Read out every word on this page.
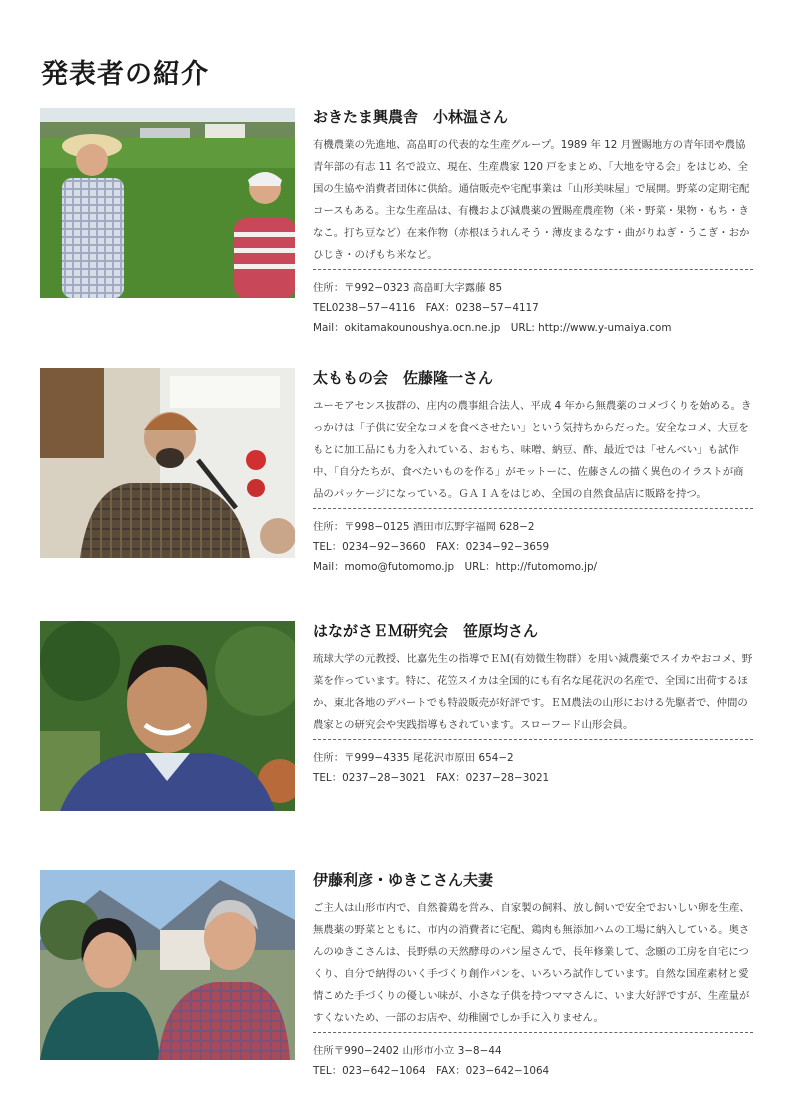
発表者の紹介
おきたま興農舎　小林温さん

有機農業の先進地、高畠町の代表的な生産グループ。1989 年 12 月置賜地方の青年団や農協青年部の有志 11 名で設立、現在、生産農家 120 戸をまとめ、「大地を守る会」をはじめ、全国の生協や消費者団体に供給。通信販売や宅配事業は「山形美味屋」で展開。野菜の定期宅配コースもある。主な生産品は、有機および減農薬の置賜産農産物（米・野菜・果物・もち・きなこ。打ち豆など）在来作物（赤根ほうれんそう・薄皮まるなす・曲がりねぎ・うこぎ・おかひじき・のげもち米など。

住所：〒992−0323 高畠町大字露藤 85
TEL0238−57−4116　FAX：0238−57−4117
Mail：okitamakounoushya.ocn.ne.jp　URL: http://www.y-umaiya.com
太ももの会　佐藤隆一さん

ユーモアセンス抜群の、庄内の農事組合法人、平成 4 年から無農薬のコメづくりを始める。きっかけは「子供に安全なコメを食べさせたい」という気持ちからだった。安全なコメ、大豆をもとに加工品にも力を入れている、おもち、味噌、納豆、酢、最近では「せんべい」も試作中、「自分たちが、食べたいものを作る」がモットーに、佐藤さんの描く異色のイラストが商品のパッケージになっている。ＧＡＩＡをはじめ、全国の自然食品店に販路を持つ。

住所：〒998−0125 酒田市広野字福岡 628−2
TEL：0234−92−3660　FAX：0234−92−3659
Mail：momo@futomomo.jp　URL：http://futomomo.jp/
はながさＥＭ研究会　笹原均さん

琉球大学の元教授、比嘉先生の指導でＥＭ(有効微生物群）を用い減農薬でスイカやおコメ、野菜を作っています。特に、花笠スイカは全国的にも有名な尾花沢の名産で、全国に出荷するほか、東北各地のデパートでも特設販売が好評です。ＥＭ農法の山形における先駆者で、仲間の農家との研究会や実践指導もされています。スローフード山形会員。

住所：〒999−4335 尾花沢市原田 654−2
TEL：0237−28−3021　FAX：0237−28−3021
伊藤利彦・ゆきこさん夫妻

ご主人は山形市内で、自然養鶏を営み、自家製の飼料、放し飼いで安全でおいしい卵を生産、無農薬の野菜とともに、市内の消費者に宅配、鶏肉も無添加ハムの工場に納入している。奥さんのゆきこさんは、長野県の天然酵母のパン屋さんで、長年修業して、念願の工房を自宅につくり、自分で納得のいく手づくり創作パンを、いろいろ試作しています。自然な国産素材と愛情こめた手づくりの優しい味が、小さな子供を持つママさんに、いま大好評ですが、生産量がすくないため、一部のお店や、幼稚園でしか手に入りません。

住所〒990−2402 山形市小立 3−8−44
TEL：023−642−1064　FAX：023−642−1064
